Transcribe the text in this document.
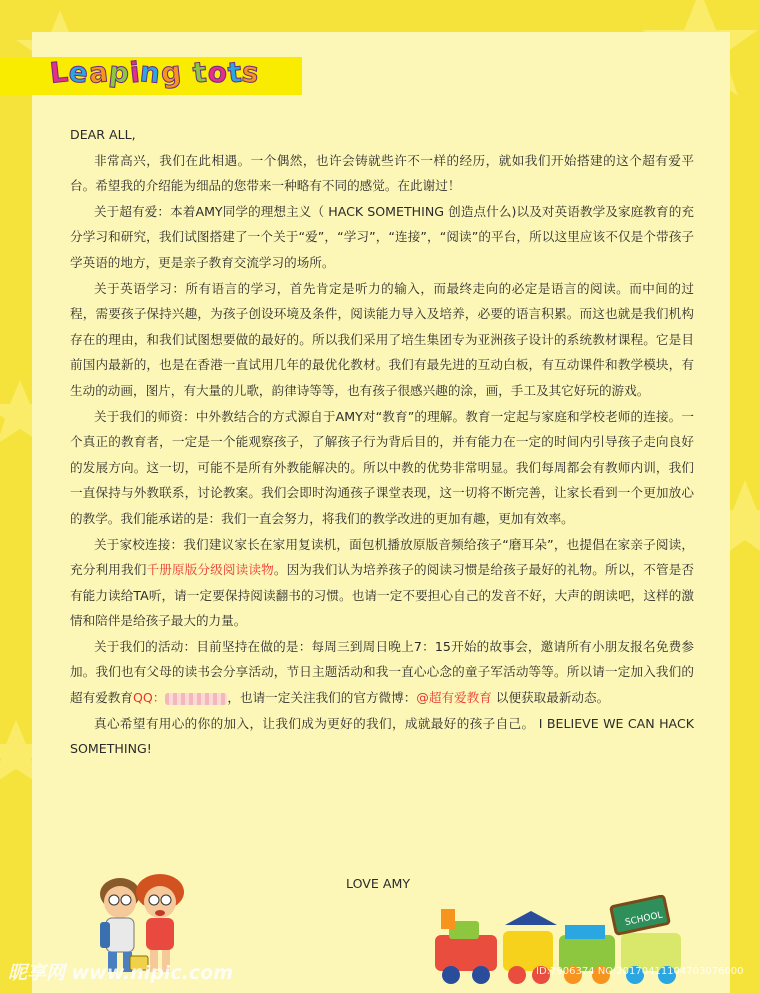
Leaping tots

DEAR ALL,

非常高兴，我们在此相遇。一个偶然，也许会铸就些许不一样的经历，就如我们开始搭建的这个超有爱平台。希望我的介绍能为细品的您带来一种略有不同的感觉。在此谢过！

关于超有爱：本着AMY同学的理想主义（ HACK SOMETHING 创造点什么)以及对英语教学及家庭教育的充分学习和研究，我们试图搭建了一个关于“爱”，“学习”，“连接”，“阅读”的平台，所以这里应该不仅是个带孩子学英语的地方，更是亲子教育交流学习的场所。

关于英语学习：所有语言的学习，首先肯定是听力的输入，而最终走向的必定是语言的阅读。而中间的过程，需要孩子保持兴趣，为孩子创设环境及条件，阅读能力导入及培养，必要的语言积累。而这也就是我们机构存在的理由，和我们试图想要做的最好的。所以我们采用了培生集团专为亚洲孩子设计的系统教材课程。它是目前国内最新的，也是在香港一直试用几年的最优化教材。我们有最先进的互动白板，有互动课件和教学模块，有生动的动画，图片，有大量的儿歌，韵律诗等等，也有孩子很感兴趣的涂，画，手工及其它好玩的游戏。

关于我们的师资：中外教结合的方式源自于AMY对“教育”的理解。教育一定起与家庭和学校老师的连接。一个真正的教育者，一定是一个能观察孩子，了解孩子行为背后目的，并有能力在一定的时间内引导孩子走向良好的发展方向。这一切，可能不是所有外教能解决的。所以中教的优势非常明显。我们每周都会有教师内训，我们一直保持与外教联系，讨论教案。我们会即时沟通孩子课堂表现，这一切将不断完善，让家长看到一个更加放心的教学。我们能承诺的是：我们一直会努力，将我们的教学改进的更加有趣，更加有效率。

关于家校连接：我们建议家长在家用复读机，面包机播放原版音频给孩子“磨耳朵”，也提倡在家亲子阅读，充分利用我们千册原版分级阅读读物。因为我们认为培养孩子的阅读习惯是给孩子最好的礼物。所以，不管是否有能力读给TA听，请一定要保持阅读翻书的习惯。也请一定不要担心自己的发音不好，大声的朗读吧，这样的激情和陪伴是给孩子最大的力量。

关于我们的活动：目前坚持在做的是：每周三到周日晚上7：15开始的故事会，邀请所有小朋友报名免费参加。我们也有父母的读书会分享活动，节日主题活动和我一直心心念的童子军活动等等。所以请一定加入我们的超有爱教育QQ：	，也请一定关注我们的官方微博：@超有爱教育 以便获取最新动态。

真心希望有用心的你的加入，让我们成为更好的我们，成就最好的孩子自己。 I BELIEVE WE CAN HACK SOMETHING!

LOVE AMY
SCHOOL
昵享网 www.nipic.com	ID:7906374 NO:20170411104703076000
